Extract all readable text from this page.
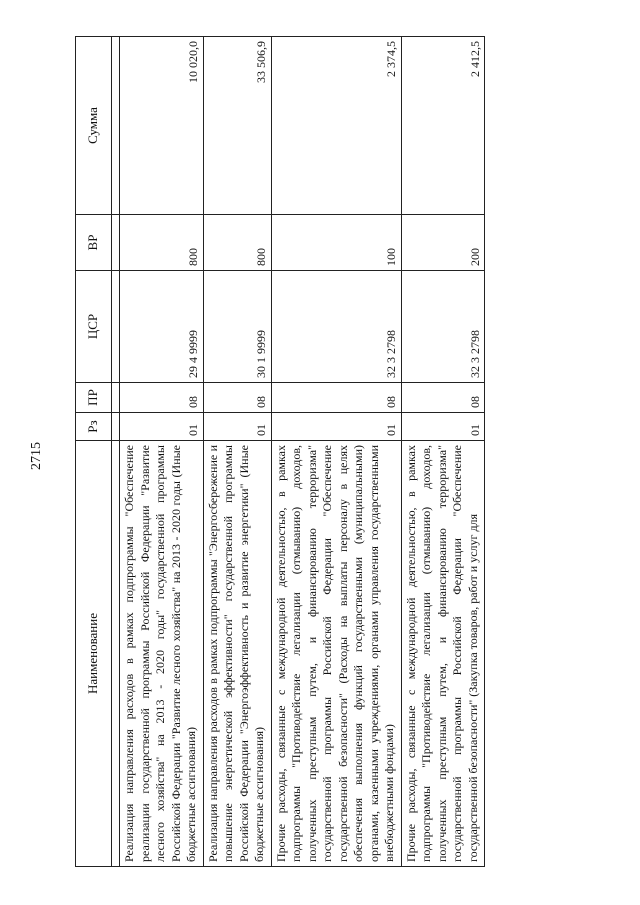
2715
Наименование	Рз	ПР	ЦСР	ВР	Сумма

Реализация направления расходов в рамках подпрограммы "Обеспечение реализации государственной программы Российской Федерации "Развитие лесного хозяйства" на 2013 - 2020 годы" государственной программы Российской Федерации "Развитие лесного хозяйства" на 2013 - 2020 годы (Иные бюджетные ассигнования)	01	08	29 4 9999	800	10 020,0
Реализация направления расходов в рамках подпрограммы "Энергосбережение и повышение энергетической эффективности" государственной программы Российской Федерации "Энергоэффективность и развитие энергетики" (Иные бюджетные ассигнования)	01	08	30 1 9999	800	33 506,9
Прочие расходы, связанные с международной деятельностью, в рамках подпрограммы "Противодействие легализации (отмыванию) доходов, полученных преступным путем, и финансированию терроризма" государственной программы Российской Федерации "Обеспечение государственной безопасности" (Расходы на выплаты персоналу в целях обеспечения выполнения функций государственными (муниципальными) органами, казенными учреждениями, органами управления государственными внебюджетными фондами)	01	08	32 3 2798	100	2 374,5
Прочие расходы, связанные с международной деятельностью, в рамках подпрограммы "Противодействие легализации (отмыванию) доходов, полученных преступным путем, и финансированию терроризма" государственной программы Российской Федерации "Обеспечение государственной безопасности" (Закупка товаров, работ и услуг для	01	08	32 3 2798	200	2 412,5
